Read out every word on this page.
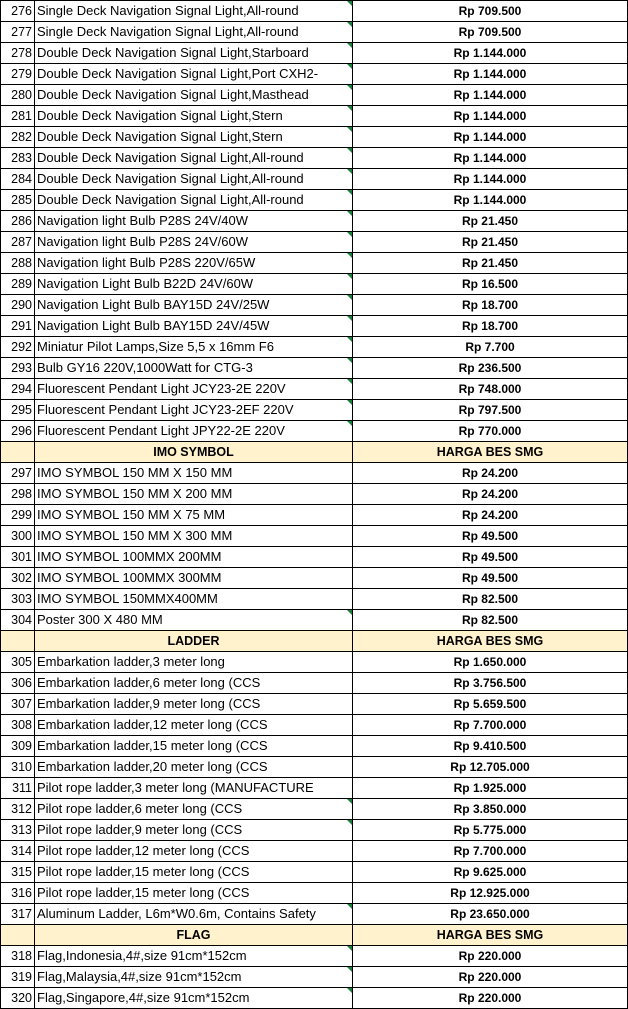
276	Single Deck Navigation Signal Light,All-round	Rp 709.500
277	Single Deck Navigation Signal Light,All-round	Rp 709.500
278	Double Deck Navigation Signal Light,Starboard	Rp 1.144.000
279	Double Deck Navigation Signal Light,Port CXH2-	Rp 1.144.000
280	Double Deck Navigation Signal Light,Masthead	Rp 1.144.000
281	Double Deck Navigation Signal Light,Stern	Rp 1.144.000
282	Double Deck Navigation Signal Light,Stern	Rp 1.144.000
283	Double Deck Navigation Signal Light,All-round	Rp 1.144.000
284	Double Deck Navigation Signal Light,All-round	Rp 1.144.000
285	Double Deck Navigation Signal Light,All-round	Rp 1.144.000
286	Navigation light Bulb P28S 24V/40W	Rp 21.450
287	Navigation light Bulb P28S 24V/60W	Rp 21.450
288	Navigation light Bulb P28S 220V/65W	Rp 21.450
289	Navigation Light Bulb B22D 24V/60W	Rp 16.500
290	Navigation Light Bulb BAY15D 24V/25W	Rp 18.700
291	Navigation Light Bulb BAY15D 24V/45W	Rp 18.700
292	Miniatur Pilot Lamps,Size 5,5 x 16mm F6	Rp 7.700
293	Bulb GY16 220V,1000Watt for CTG-3	Rp 236.500
294	Fluorescent Pendant Light JCY23-2E 220V	Rp 748.000
295	Fluorescent Pendant Light JCY23-2EF 220V	Rp 797.500
296	Fluorescent Pendant Light JPY22-2E 220V	Rp 770.000
	IMO SYMBOL	HARGA BES SMG
297	IMO SYMBOL 150 MM X 150 MM	Rp 24.200
298	IMO SYMBOL 150 MM X 200 MM	Rp 24.200
299	IMO SYMBOL 150 MM X 75 MM	Rp 24.200
300	IMO SYMBOL 150 MM X 300 MM	Rp 49.500
301	IMO SYMBOL 100MMX 200MM	Rp 49.500
302	IMO SYMBOL 100MMX 300MM	Rp 49.500
303	IMO SYMBOL 150MMX400MM	Rp 82.500
304	Poster 300 X 480 MM	Rp 82.500
	LADDER	HARGA BES SMG
305	Embarkation ladder,3 meter long	Rp 1.650.000
306	Embarkation ladder,6 meter long (CCS	Rp 3.756.500
307	Embarkation ladder,9 meter long (CCS	Rp 5.659.500
308	Embarkation ladder,12 meter long (CCS	Rp 7.700.000
309	Embarkation ladder,15 meter long (CCS	Rp 9.410.500
310	Embarkation ladder,20 meter long (CCS	Rp 12.705.000
311	Pilot rope ladder,3 meter long (MANUFACTURE	Rp 1.925.000
312	Pilot rope ladder,6 meter long (CCS	Rp 3.850.000
313	Pilot rope ladder,9 meter long (CCS	Rp 5.775.000
314	Pilot rope ladder,12 meter long (CCS	Rp 7.700.000
315	Pilot rope ladder,15 meter long (CCS	Rp 9.625.000
316	Pilot rope ladder,15 meter long (CCS	Rp 12.925.000
317	Aluminum Ladder, L6m*W0.6m, Contains Safety	Rp 23.650.000
	FLAG	HARGA BES SMG
318	Flag,Indonesia,4#,size 91cm*152cm	Rp 220.000
319	Flag,Malaysia,4#,size 91cm*152cm	Rp 220.000
320	Flag,Singapore,4#,size 91cm*152cm	Rp 220.000
